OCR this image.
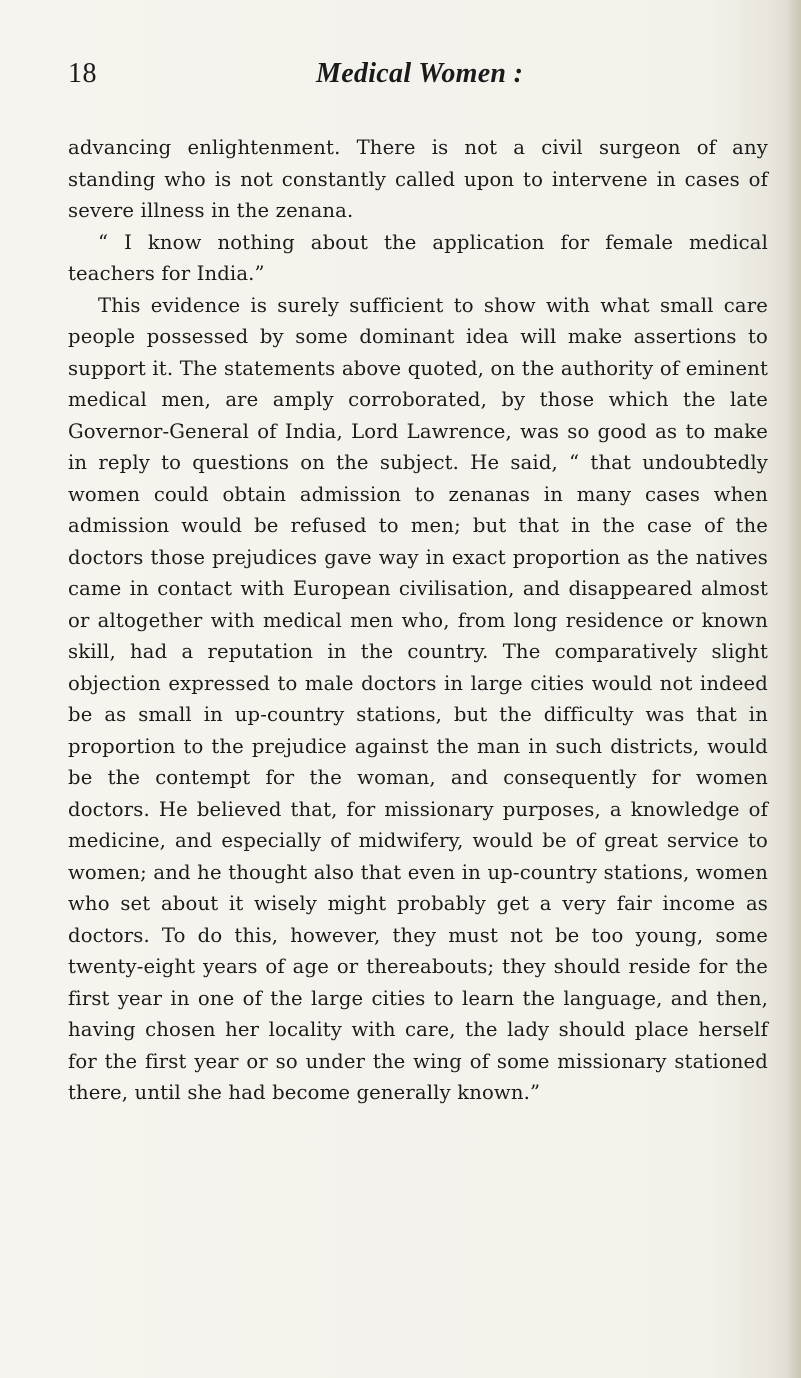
18	Medical Women :

advancing enlightenment. There is not a civil surgeon of any standing who is not constantly called upon to intervene in cases of severe illness in the zenana.

“ I know nothing about the application for female medical teachers for India.”

This evidence is surely sufficient to show with what small care people possessed by some dominant idea will make assertions to support it. The statements above quoted, on the authority of eminent medical men, are amply corroborated, by those which the late Governor-General of India, Lord Lawrence, was so good as to make in reply to questions on the subject. He said, “ that undoubtedly women could obtain admission to zenanas in many cases when admission would be refused to men; but that in the case of the doctors those prejudices gave way in exact proportion as the natives came in contact with European civilisation, and disappeared almost or altogether with medical men who, from long residence or known skill, had a reputation in the country. The comparatively slight objection expressed to male doctors in large cities would not indeed be as small in up-country stations, but the difficulty was that in proportion to the prejudice against the man in such districts, would be the contempt for the woman, and consequently for women doctors. He believed that, for missionary purposes, a knowledge of medicine, and especially of midwifery, would be of great service to women; and he thought also that even in up-country stations, women who set about it wisely might probably get a very fair income as doctors. To do this, however, they must not be too young, some twenty-eight years of age or thereabouts; they should reside for the first year in one of the large cities to learn the language, and then, having chosen her locality with care, the lady should place herself for the first year or so under the wing of some missionary stationed there, until she had become generally known.”
